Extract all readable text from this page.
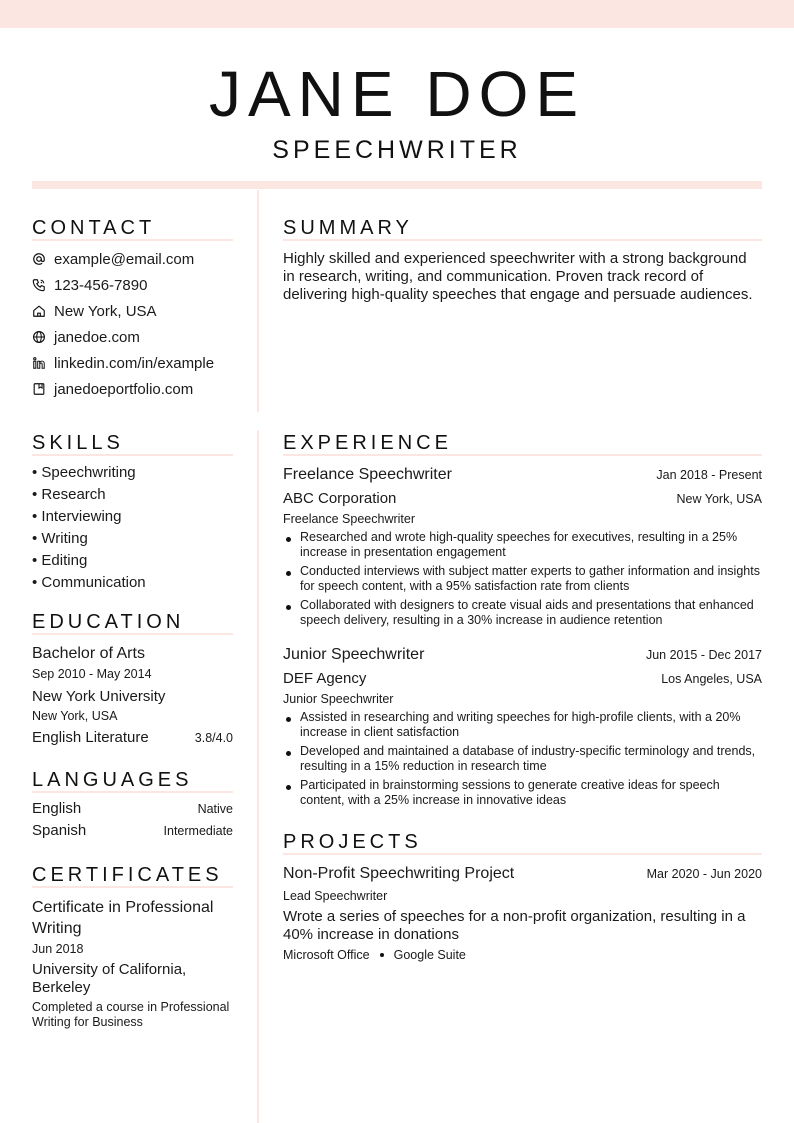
JANE DOE
SPEECHWRITER
CONTACT
example@email.com
123-456-7890
New York, USA
janedoe.com
linkedin.com/in/example
janedoeportfolio.com
SKILLS
• Speechwriting
• Research
• Interviewing
• Writing
• Editing
• Communication
EDUCATION
Bachelor of Arts
Sep 2010 - May 2014
New York University
New York, USA
English Literature	3.8/4.0
LANGUAGES
English	Native
Spanish	Intermediate
CERTIFICATES
Certificate in Professional Writing
Jun 2018
University of California, Berkeley
Completed a course in Professional Writing for Business
SUMMARY
Highly skilled and experienced speechwriter with a strong background in research, writing, and communication. Proven track record of delivering high-quality speeches that engage and persuade audiences.
EXPERIENCE
Freelance Speechwriter	Jan 2018 - Present
ABC Corporation	New York, USA
Freelance Speechwriter
Researched and wrote high-quality speeches for executives, resulting in a 25% increase in presentation engagement
Conducted interviews with subject matter experts to gather information and insights for speech content, with a 95% satisfaction rate from clients
Collaborated with designers to create visual aids and presentations that enhanced speech delivery, resulting in a 30% increase in audience retention
Junior Speechwriter	Jun 2015 - Dec 2017
DEF Agency	Los Angeles, USA
Junior Speechwriter
Assisted in researching and writing speeches for high-profile clients, with a 20% increase in client satisfaction
Developed and maintained a database of industry-specific terminology and trends, resulting in a 15% reduction in research time
Participated in brainstorming sessions to generate creative ideas for speech content, with a 25% increase in innovative ideas
PROJECTS
Non-Profit Speechwriting Project	Mar 2020 - Jun 2020
Lead Speechwriter
Wrote a series of speeches for a non-profit organization, resulting in a 40% increase in donations
Microsoft Office Google Suite
